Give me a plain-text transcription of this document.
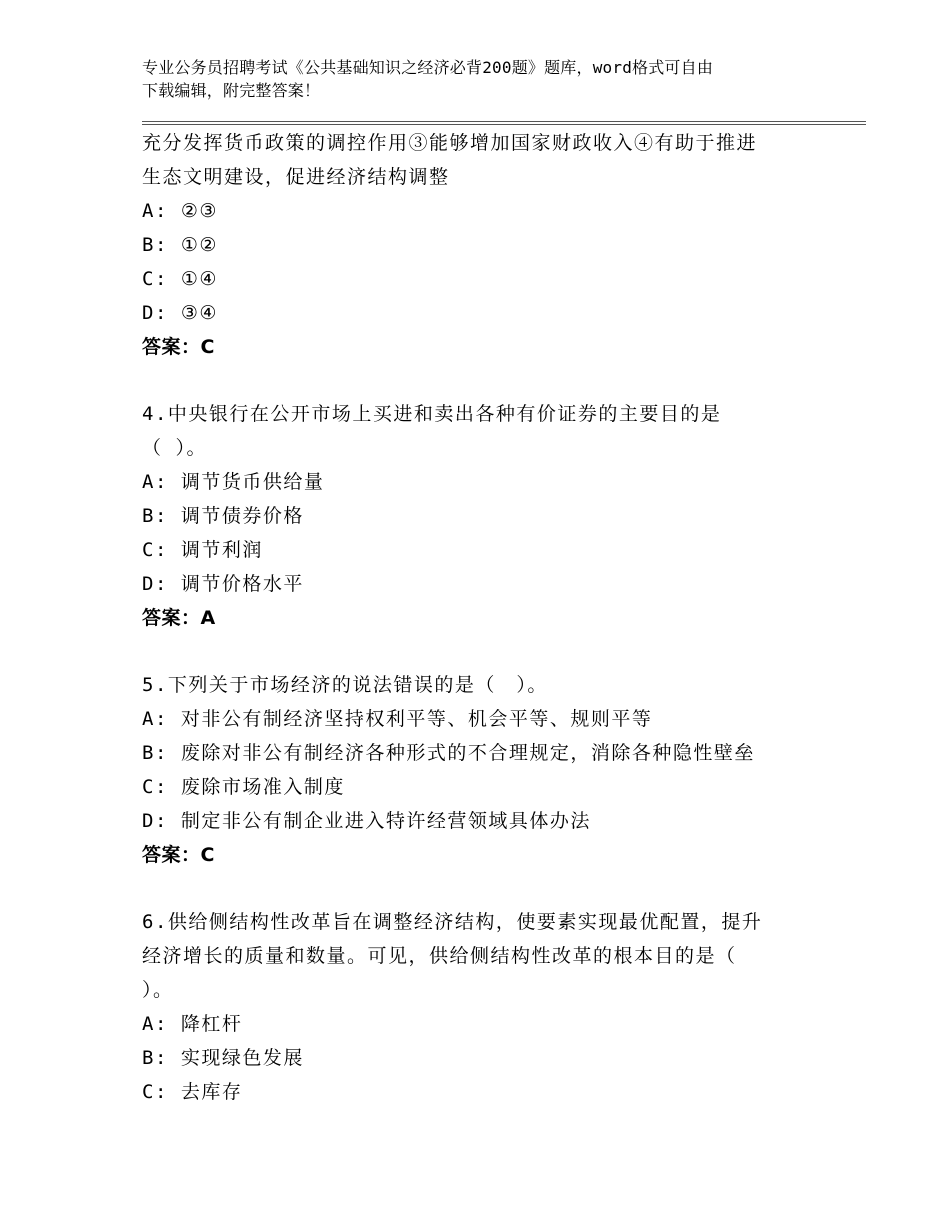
专业公务员招聘考试《公共基础知识之经济必背200题》题库，word格式可自由
下载编辑，附完整答案！
充分发挥货币政策的调控作用③能够增加国家财政收入④有助于推进
生态文明建设，促进经济结构调整
A: ②③
B: ①②
C: ①④
D: ③④
答案：C
4.中央银行在公开市场上买进和卖出各种有价证券的主要目的是
（ ）。
A: 调节货币供给量
B: 调节债券价格
C: 调节利润
D: 调节价格水平
答案：A
5.下列关于市场经济的说法错误的是（　）。
A: 对非公有制经济坚持权利平等、机会平等、规则平等
B: 废除对非公有制经济各种形式的不合理规定，消除各种隐性壁垒
C: 废除市场准入制度
D: 制定非公有制企业进入特许经营领域具体办法
答案：C
6.供给侧结构性改革旨在调整经济结构，使要素实现最优配置，提升
经济增长的质量和数量。可见，供给侧结构性改革的根本目的是（
）。
A: 降杠杆
B: 实现绿色发展
C: 去库存
